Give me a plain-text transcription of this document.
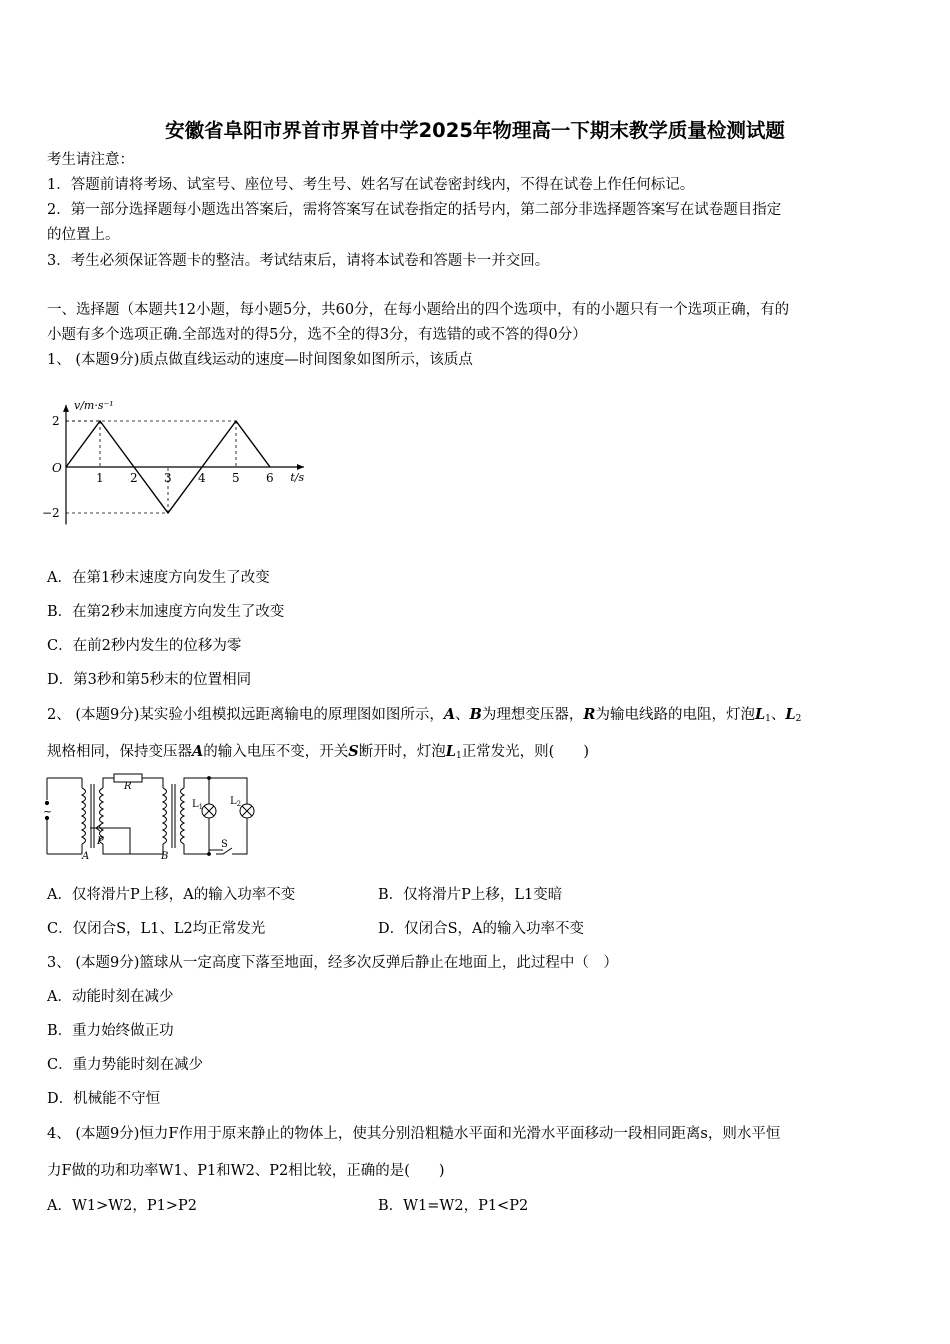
安徽省阜阳市界首市界首中学2025年物理高一下期末教学质量检测试题
考生请注意：
1．答题前请将考场、试室号、座位号、考生号、姓名写在试卷密封线内，不得在试卷上作任何标记。
2．第一部分选择题每小题选出答案后，需将答案写在试卷指定的括号内，第二部分非选择题答案写在试卷题目指定
的位置上。
3．考生必须保证答题卡的整洁。考试结束后，请将本试卷和答题卡一并交回。
一、选择题（本题共12小题，每小题5分，共60分，在每小题给出的四个选项中，有的小题只有一个选项正确，有的
小题有多个选项正确.全部选对的得5分，选不全的得3分，有选错的或不答的得0分）
1、 (本题9分)质点做直线运动的速度—时间图象如图所示，该质点
v/m·s⁻¹
t/s
O
2
−2
1 2 3 4 5 6
A．在第1秒末速度方向发生了改变
B．在第2秒末加速度方向发生了改变
C．在前2秒内发生的位移为零
D．第3秒和第5秒末的位置相同
2、 (本题9分)某实验小组模拟远距离输电的原理图如图所示，A、B为理想变压器，R为输电线路的电阻，灯泡$L_1$、$L_2$
规格相同，保持变压器A的输入电压不变，开关S断开时，灯泡$L_1$正常发光，则(　　)
~
P
A
R
B
$L_1$	$L_2$
S
A．仅将滑片P上移，A的输入功率不变	B．仅将滑片P上移，L1变暗
C．仅闭合S，L1、L2均正常发光	D．仅闭合S，A的输入功率不变
3、 (本题9分)篮球从一定高度下落至地面，经多次反弹后静止在地面上，此过程中（　）
A．动能时刻在减少
B．重力始终做正功
C．重力势能时刻在减少
D．机械能不守恒
4、 (本题9分)恒力F作用于原来静止的物体上，使其分别沿粗糙水平面和光滑水平面移动一段相同距离s，则水平恒
力F做的功和功率W1、P1和W2、P2相比较，正确的是(　　)
A．W1>W2，P1>P2	B．W1=W2，P1<P2
